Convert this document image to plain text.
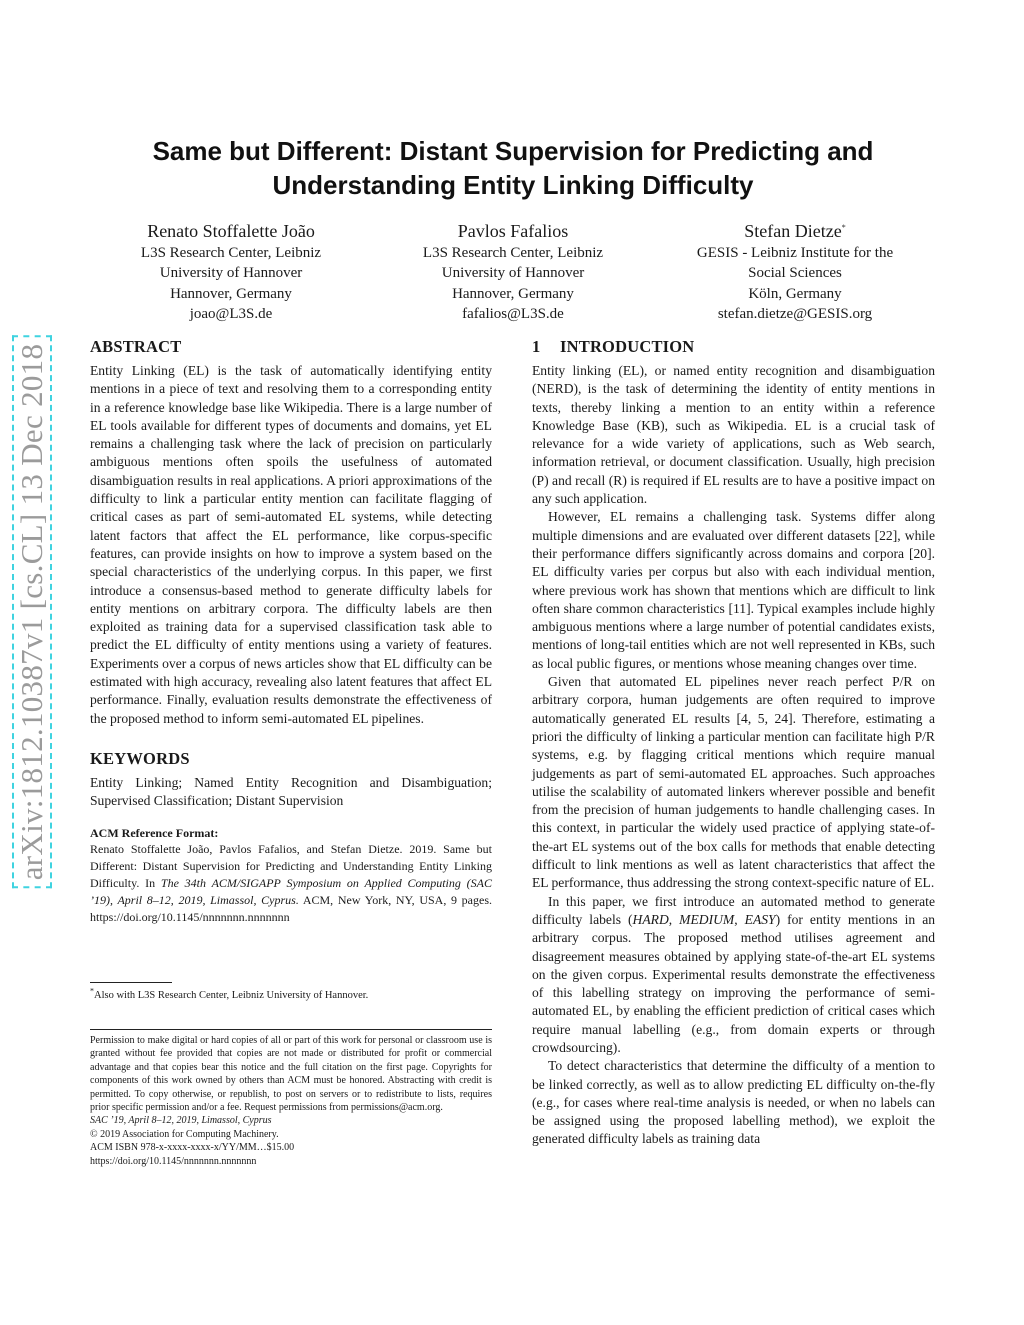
arXiv:1812.10387v1 [cs.CL] 13 Dec 2018
Same but Different: Distant Supervision for Predicting and
Understanding Entity Linking Difficulty
Renato Stoffalette João
L3S Research Center, Leibniz
University of Hannover
Hannover, Germany
joao@L3S.de
Pavlos Fafalios
L3S Research Center, Leibniz
University of Hannover
Hannover, Germany
fafalios@L3S.de
Stefan Dietze*
GESIS - Leibniz Institute for the
Social Sciences
Köln, Germany
stefan.dietze@GESIS.org
ABSTRACT

Entity Linking (EL) is the task of automatically identifying entity mentions in a piece of text and resolving them to a corresponding entity in a reference knowledge base like Wikipedia. There is a large number of EL tools available for different types of documents and domains, yet EL remains a challenging task where the lack of precision on particularly ambiguous mentions often spoils the usefulness of automated disambiguation results in real applications. A priori approximations of the difficulty to link a particular entity mention can facilitate flagging of critical cases as part of semi-automated EL systems, while detecting latent factors that affect the EL performance, like corpus-specific features, can provide insights on how to improve a system based on the special characteristics of the underlying corpus. In this paper, we first introduce a consensus-based method to generate difficulty labels for entity mentions on arbitrary corpora. The difficulty labels are then exploited as training data for a supervised classification task able to predict the EL difficulty of entity mentions using a variety of features. Experiments over a corpus of news articles show that EL difficulty can be estimated with high accuracy, revealing also latent features that affect EL performance. Finally, evaluation results demonstrate the effectiveness of the proposed method to inform semi-automated EL pipelines.

KEYWORDS

Entity Linking; Named Entity Recognition and Disambiguation; Supervised Classification; Distant Supervision

ACM Reference Format:

Renato Stoffalette João, Pavlos Fafalios, and Stefan Dietze. 2019. Same but Different: Distant Supervision for Predicting and Understanding Entity Linking Difficulty. In The 34th ACM/SIGAPP Symposium on Applied Computing (SAC ’19), April 8–12, 2019, Limassol, Cyprus. ACM, New York, NY, USA, 9 pages. https://doi.org/10.1145/nnnnnnn.nnnnnnn

*Also with L3S Research Center, Leibniz University of Hannover.

Permission to make digital or hard copies of all or part of this work for personal or classroom use is granted without fee provided that copies are not made or distributed for profit or commercial advantage and that copies bear this notice and the full citation on the first page. Copyrights for components of this work owned by others than ACM must be honored. Abstracting with credit is permitted. To copy otherwise, or republish, to post on servers or to redistribute to lists, requires prior specific permission and/or a fee. Request permissions from permissions@acm.org.

SAC ’19, April 8–12, 2019, Limassol, Cyprus
© 2019 Association for Computing Machinery.
ACM ISBN 978-x-xxxx-xxxx-x/YY/MM…$15.00
https://doi.org/10.1145/nnnnnnn.nnnnnnn
1 INTRODUCTION

Entity linking (EL), or named entity recognition and disambiguation (NERD), is the task of determining the identity of entity mentions in texts, thereby linking a mention to an entity within a reference Knowledge Base (KB), such as Wikipedia. EL is a crucial task of relevance for a wide variety of applications, such as Web search, information retrieval, or document classification. Usually, high precision (P) and recall (R) is required if EL results are to have a positive impact on any such application.

However, EL remains a challenging task. Systems differ along multiple dimensions and are evaluated over different datasets [22], while their performance differs significantly across domains and corpora [20]. EL difficulty varies per corpus but also with each individual mention, where previous work has shown that mentions which are difficult to link often share common characteristics [11]. Typical examples include highly ambiguous mentions where a large number of potential candidates exists, mentions of long-tail entities which are not well represented in KBs, such as local public figures, or mentions whose meaning changes over time.

Given that automated EL pipelines never reach perfect P/R on arbitrary corpora, human judgements are often required to improve automatically generated EL results [4, 5, 24]. Therefore, estimating a priori the difficulty of linking a particular mention can facilitate high P/R systems, e.g. by flagging critical mentions which require manual judgements as part of semi-automated EL approaches. Such approaches utilise the scalability of automated linkers wherever possible and benefit from the precision of human judgements to handle challenging cases. In this context, in particular the widely used practice of applying state-of-the-art EL systems out of the box calls for methods that enable detecting difficult to link mentions as well as latent characteristics that affect the EL performance, thus addressing the strong context-specific nature of EL.

In this paper, we first introduce an automated method to generate difficulty labels (HARD, MEDIUM, EASY) for entity mentions in an arbitrary corpus. The proposed method utilises agreement and disagreement measures obtained by applying state-of-the-art EL systems on the given corpus. Experimental results demonstrate the effectiveness of this labelling strategy on improving the performance of semi-automated EL, by enabling the efficient prediction of critical cases which require manual labelling (e.g., from domain experts or through crowdsourcing).

To detect characteristics that determine the difficulty of a mention to be linked correctly, as well as to allow predicting EL difficulty on-the-fly (e.g., for cases where real-time analysis is needed, or when no labels can be assigned using the proposed labelling method), we exploit the generated difficulty labels as training data
